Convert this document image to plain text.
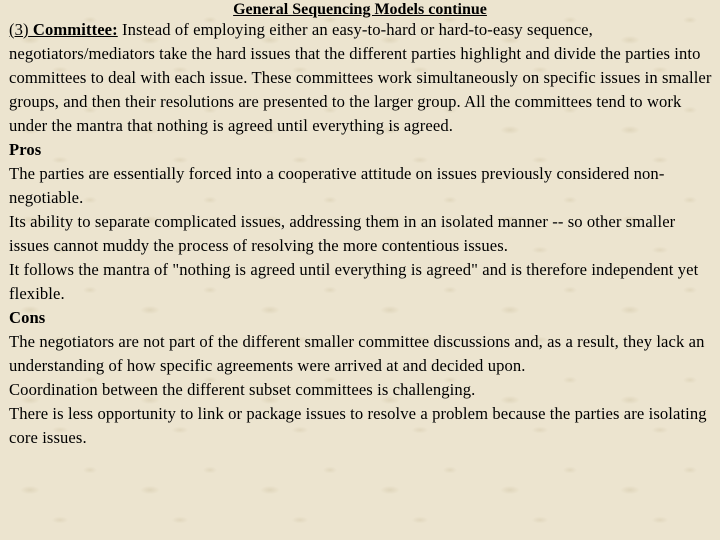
General Sequencing Models continue

(3) Committee: Instead of employing either an easy-to-hard or hard-to-easy sequence, negotiators/mediators take the hard issues that the different parties highlight and divide the parties into committees to deal with each issue. These committees work simultaneously on specific issues in smaller groups, and then their resolutions are presented to the larger group. All the committees tend to work under the mantra that nothing is agreed until everything is agreed.

Pros

The parties are essentially forced into a cooperative attitude on issues previously considered non-negotiable.

Its ability to separate complicated issues, addressing them in an isolated manner -- so other smaller issues cannot muddy the process of resolving the more contentious issues.

It follows the mantra of "nothing is agreed until everything is agreed" and is therefore independent yet flexible.

Cons

The negotiators are not part of the different smaller committee discussions and, as a result, they lack an understanding of how specific agreements were arrived at and decided upon.

Coordination between the different subset committees is challenging.

There is less opportunity to link or package issues to resolve a problem because the parties are isolating core issues.
